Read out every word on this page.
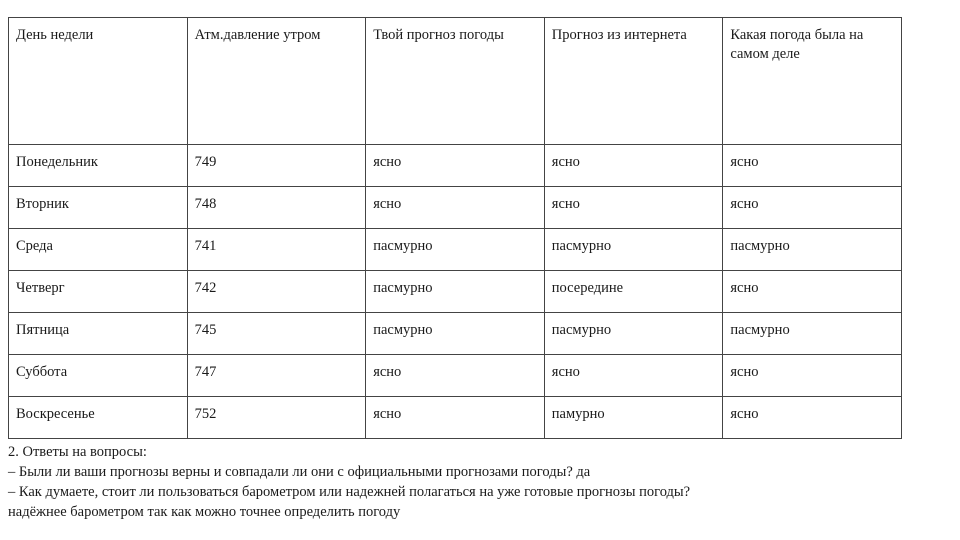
День недели	Атм.давление утром	Твой прогноз погоды	Прогноз из интернета	Какая погода была на самом деле
Понедельник	749	ясно	ясно	ясно
Вторник	748	ясно	ясно	ясно
Среда	741	пасмурно	пасмурно	пасмурно
Четверг	742	пасмурно	посередине	ясно
Пятница	745	пасмурно	пасмурно	пасмурно
Суббота	747	ясно	ясно	ясно
Воскресенье	752	ясно	памурно	ясно

2. Ответы на вопросы:

– Были ли ваши прогнозы верны и совпадали ли они с официальными прогнозами погоды? да

– Как думаете, стоит ли пользоваться барометром или надежней полагаться на уже готовые прогнозы погоды?

надёжнее барометром так как можно точнее определить погоду
